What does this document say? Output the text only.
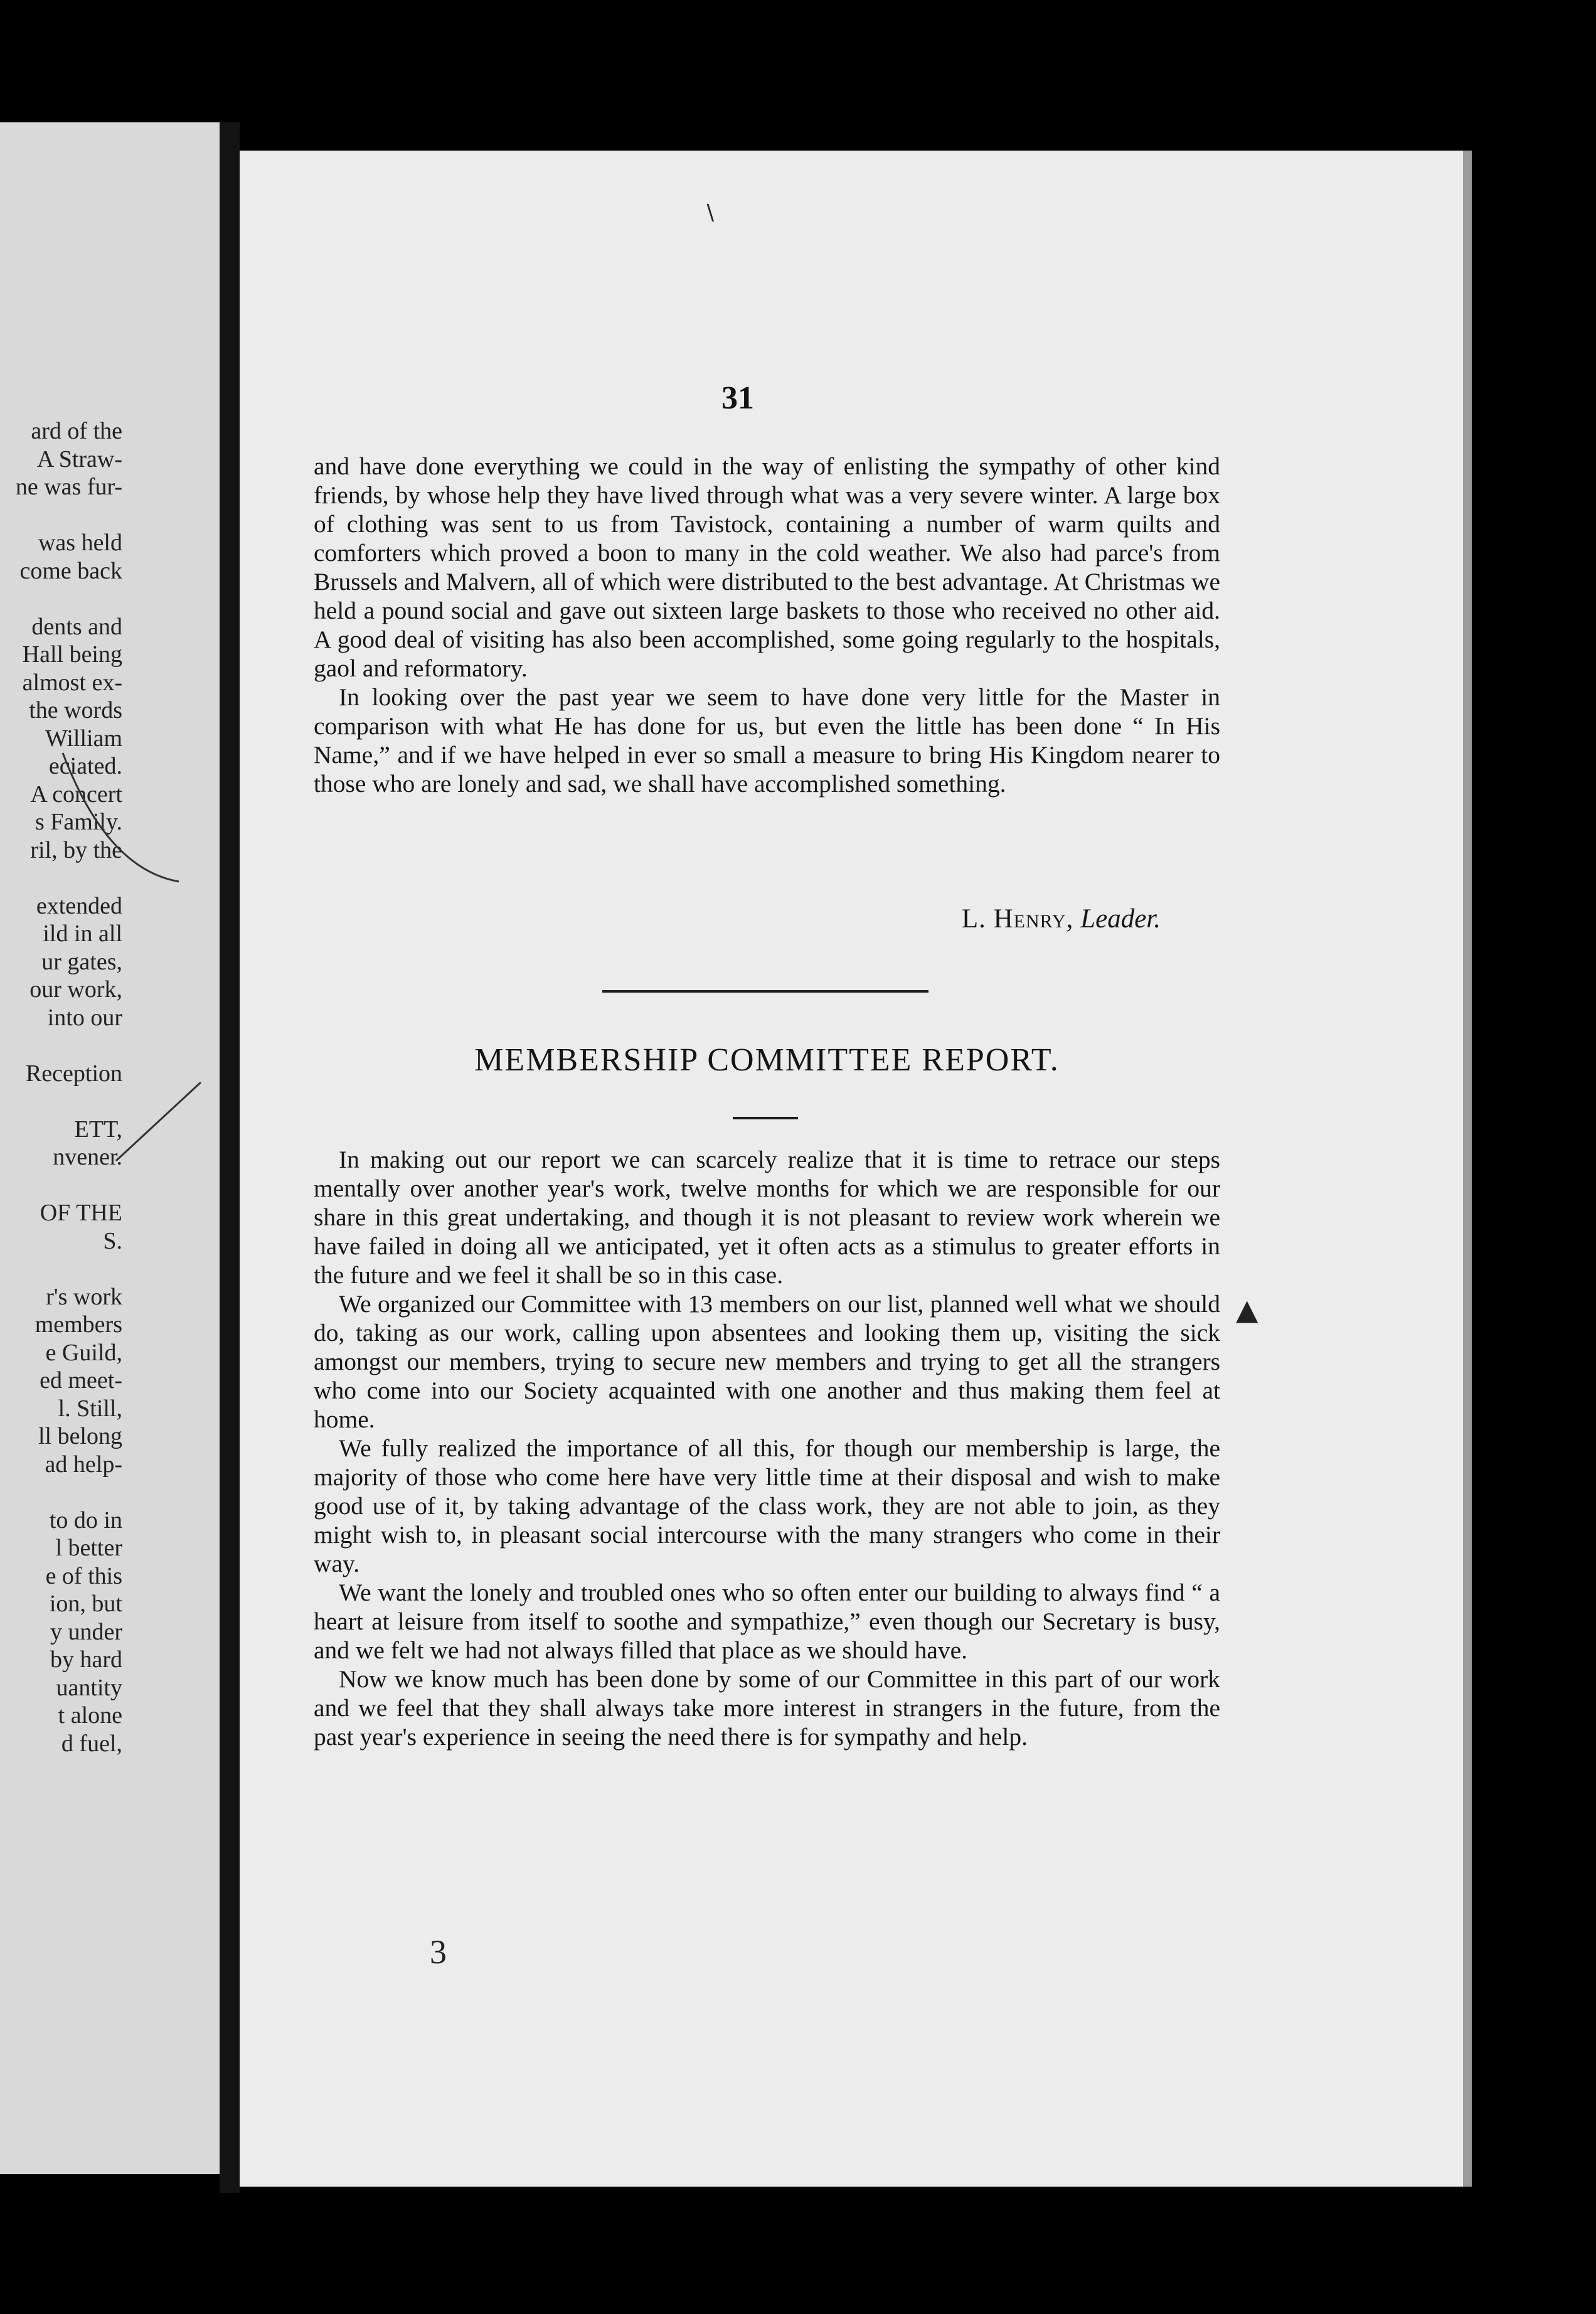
ard of the
A Straw-
ne was fur-
was held
come back
dents and
Hall being
almost ex-
the words
William
eciated.
A concert
s Family.
ril, by the
extended
ild in all
ur gates,
our work,
into our
Reception
ETT,
nvener.
OF THE
S.
r's work
members
e Guild,
ed meet-
l. Still,
ll belong
ad help-
to do in
l better
e of this
ion, but
y under
by hard
uantity
t alone
d fuel,
31

and have done everything we could in the way of enlisting the sympathy of other kind friends, by whose help they have lived through what was a very severe winter. A large box of clothing was sent to us from Tavistock, containing a number of warm quilts and comforters which proved a boon to many in the cold weather. We also had parce's from Brussels and Malvern, all of which were distributed to the best advantage. At Christmas we held a pound social and gave out sixteen large baskets to those who received no other aid. A good deal of visiting has also been accomplished, some going regularly to the hospitals, gaol and reformatory.

In looking over the past year we seem to have done very little for the Master in comparison with what He has done for us, but even the little has been done “ In His Name,” and if we have helped in ever so small a measure to bring His Kingdom nearer to those who are lonely and sad, we shall have accomplished something.

L. Henry, Leader.
MEMBERSHIP COMMITTEE REPORT.

In making out our report we can scarcely realize that it is time to retrace our steps mentally over another year's work, twelve months for which we are responsible for our share in this great undertaking, and though it is not pleasant to review work wherein we have failed in doing all we anticipated, yet it often acts as a stimulus to greater efforts in the future and we feel it shall be so in this case.

We organized our Committee with 13 members on our list, planned well what we should do, taking as our work, calling upon absentees and looking them up, visiting the sick amongst our members, trying to secure new members and trying to get all the strangers who come into our Society acquainted with one another and thus making them feel at home.

We fully realized the importance of all this, for though our membership is large, the majority of those who come here have very little time at their disposal and wish to make good use of it, by taking advantage of the class work, they are not able to join, as they might wish to, in pleasant social intercourse with the many strangers who come in their way.

We want the lonely and troubled ones who so often enter our building to always find “ a heart at leisure from itself to soothe and sympathize,” even though our Secretary is busy, and we felt we had not always filled that place as we should have.

Now we know much has been done by some of our Committee in this part of our work and we feel that they shall always take more interest in strangers in the future, from the past year's experience in seeing the need there is for sympathy and help.

3
▲
∖
